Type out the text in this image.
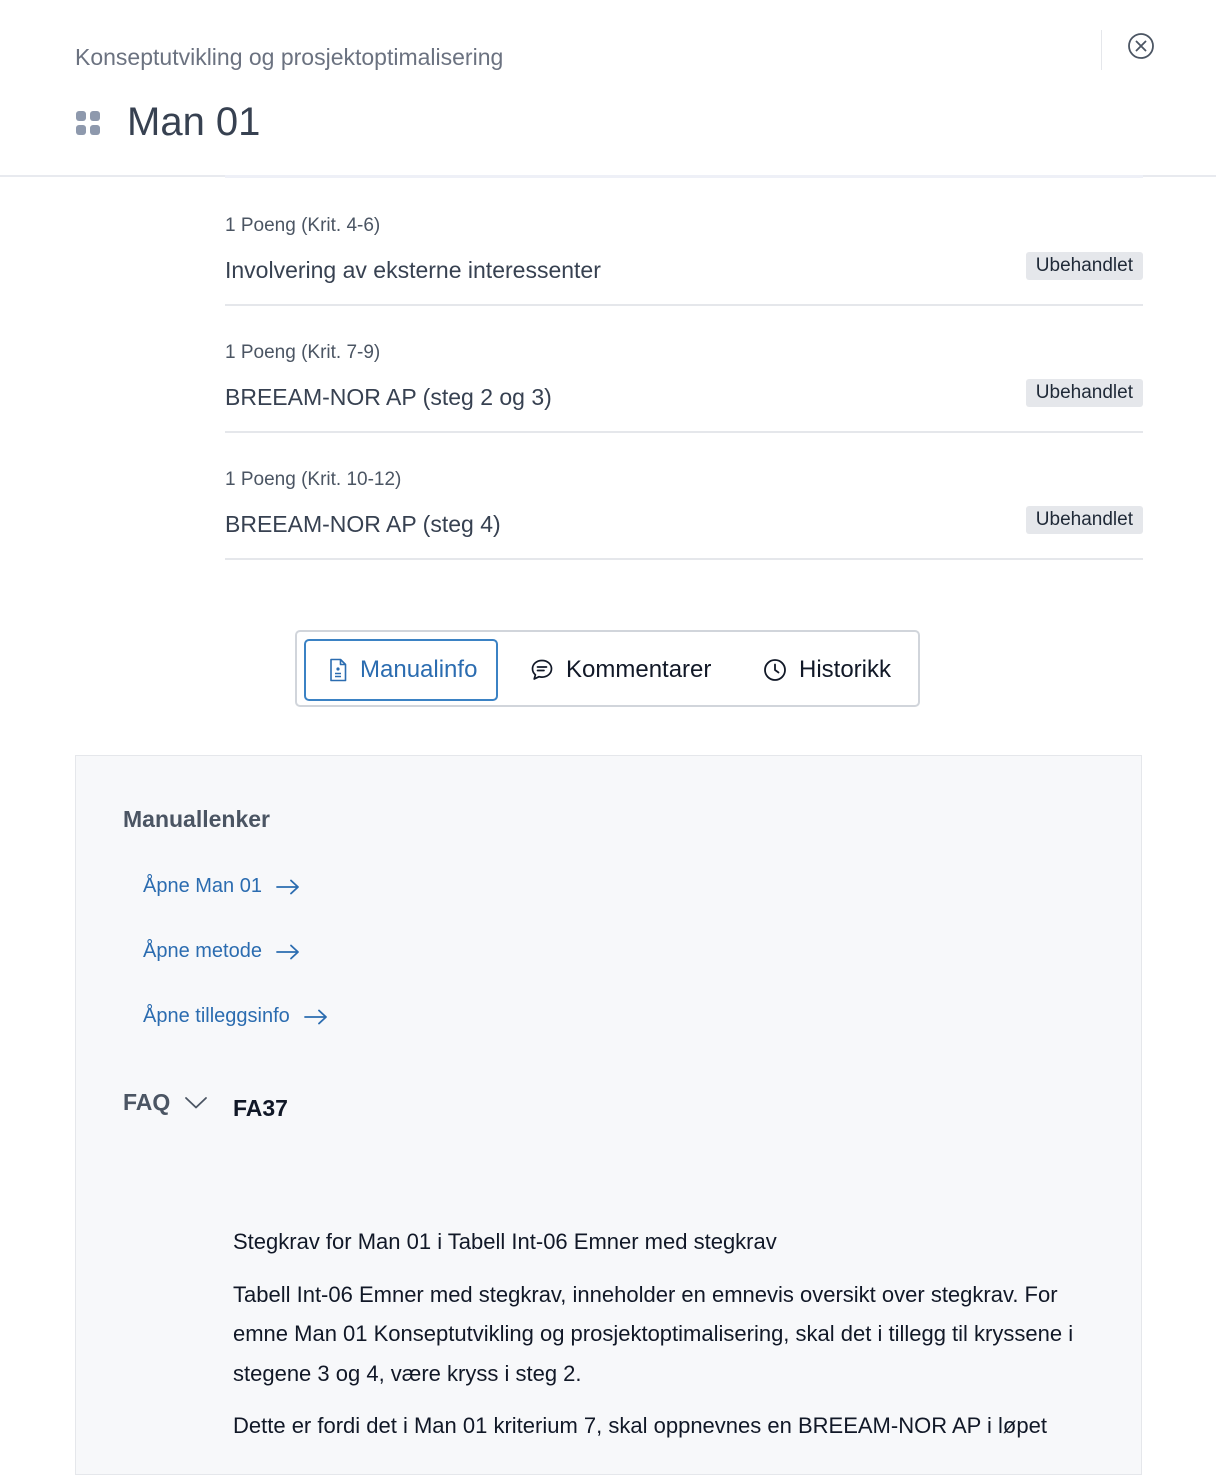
Konseptutvikling og prosjektoptimalisering
Man 01
1 Poeng (Krit. 4-6)
Involvering av eksterne interessenter	Ubehandlet
1 Poeng (Krit. 7-9)
BREEAM-NOR AP (steg 2 og 3)	Ubehandlet
1 Poeng (Krit. 10-12)
BREEAM-NOR AP (steg 4)	Ubehandlet
Manualinfo	Kommentarer	Historikk
Manuallenker
Åpne Man 01
Åpne metode
Åpne tilleggsinfo
FAQ	FA37

Stegkrav for Man 01 i Tabell Int-06 Emner med stegkrav

Tabell Int-06 Emner med stegkrav, inneholder en emnevis oversikt over stegkrav. For emne Man 01 Konseptutvikling og prosjektoptimalisering, skal det i tillegg til kryssene i stegene 3 og 4, være kryss i steg 2.

Dette er fordi det i Man 01 kriterium 7, skal oppnevnes en BREEAM-NOR AP i løpet
